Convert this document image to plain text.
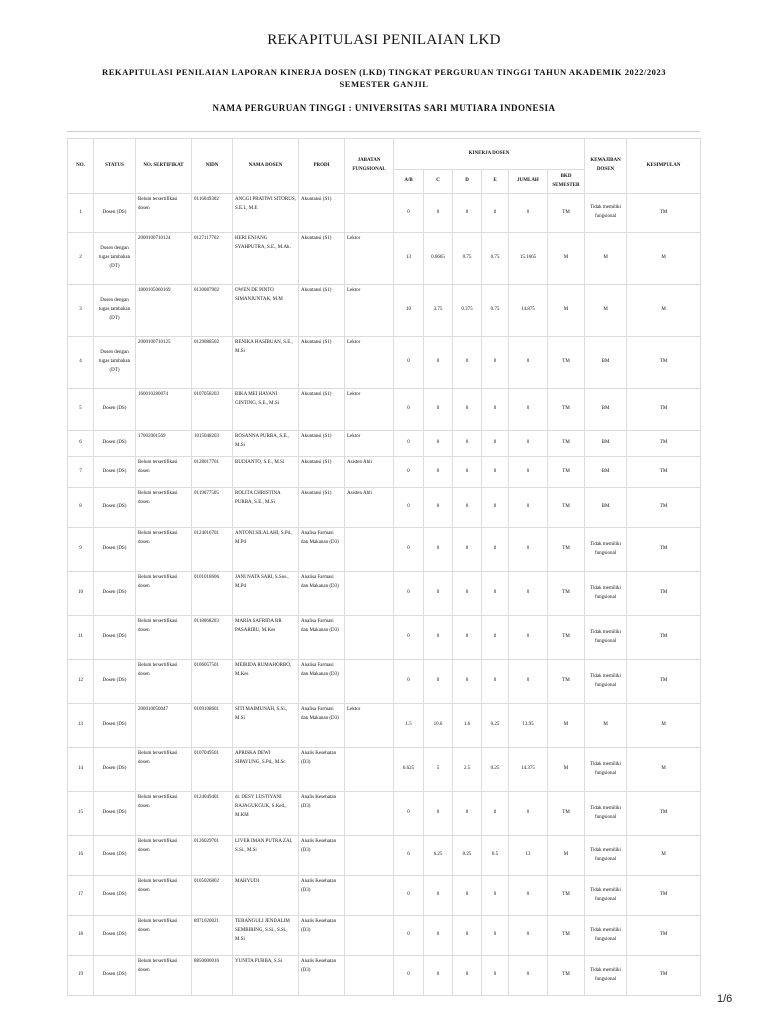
REKAPITULASI PENILAIAN LKD
REKAPITULASI PENILAIAN LAPORAN KINERJA DOSEN (LKD) TINGKAT PERGURUAN TINGGI TAHUN AKADEMIK 2022/2023
SEMESTER GANJIL
NAMA PERGURUAN TINGGI : UNIVERSITAS SARI MUTIARA INDONESIA
NO.	STATUS	NO. SERTIFIKAT	NIDN	NAMA DOSEN	PRODI	JABATAN FUNGSIONAL	KINERJA DOSEN						KEWAJIBAN DOSEN	KESIMPULAN
							A/B	C	D	E	JUMLAH	BKD SEMESTER		
1	Dosen (DS)	Belum tersertifikasi dosen	0116049302	ANGGI PRATIWI SITORUS, S.E.I., M.E	Akuntansi (S1)		0	0	0	0	0	TM	Tidak memiliki fungsional	TM
2	Dosen dengan tugas tambahan (DT)	20001007101​24	0127117702	HERI ENJANG SYAHPUTRA, S.E., M.Ak.	Akuntansi (S1)	Lektor	13	0.6665	0.75	0.75	15.1665	M	M	M
3	Dosen dengan tugas tambahan (DT)	18001050601​69	0130087902	OWEN DE PINTO SIMANJUNTAK, M.M	Akuntansi (S1)	Lektor	10	3.75	0.375	0.75	14.875	M	M	M
4	Dosen dengan tugas tambahan (DT)	20001007101​25	0129088502	RENIKA HASIBUAN, S.E., M.Si	Akuntansi (S1)	Lektor	0	0	0	0	0	TM	BM	TM
5	Dosen (DS)	16001028007​4	0107058203	RIKA MEI HAYANI GINTING, S.E., M.Si	Akuntansi (S1)	Lektor	0	0	0	0	0	TM	BM	TM
6	Dosen (DS)	17002001569	1015048203	ROSANNA PURBA, S.E., M.Si	Akuntansi (S1)	Lektor	0	0	0	0	0	TM	BM	TM
7	Dosen (DS)	Belum tersertifikasi dosen	0128017701	BUDIANTO, S.E., M.Si	Akuntansi (S1)	Asisten Ahli	0	0	0	0	0	TM	BM	TM
8	Dosen (DS)	Belum tersertifikasi dosen	0119077505	ROLITA CHRISTINA PURBA, S.E., M.Si	Akuntansi (S1)	Asisten Ahli	0	0	0	0	0	TM	BM	TM
9	Dosen (DS)	Belum tersertifikasi dosen	0124016701	ANTONI SILALAHI, S.Pd., M.Pd	Analisa Farmasi dan Makanan (D3)		0	0	0	0	0	TM	Tidak memiliki fungsional	TM
10	Dosen (DS)	Belum tersertifikasi dosen	0101018606	JANI NATA SARI, S.Sos., M.Pd	Analisa Farmasi dan Makanan (D3)		0	0	0	0	0	TM	Tidak memiliki fungsional	TM
11	Dosen (DS)	Belum tersertifikasi dosen	0118068203	MARIA SAFRIDA BR PASARIBU, M.Kes	Analisa Farmasi dan Makanan (D3)		0	0	0	0	0	TM	Tidak memiliki fungsional	TM
12	Dosen (DS)	Belum tersertifikasi dosen	0106057501	MEIRIDA RUMAHORBO, M.Kes	Analisa Farmasi dan Makanan (D3)		0	0	0	0	0	TM	Tidak memiliki fungsional	TM
13	Dosen (DS)	20001005004​7	0109108601	SITI MAIMUNAH, S.Si., M.Si	Analisa Farmasi dan Makanan (D3)	Lektor	1.5	10.6	1.6	0.25	13.95	M	M	M
14	Dosen (DS)	Belum tersertifikasi dosen	0107049501	APRISKA DEWI SIPAYUNG, S.Pd., M.Sc	Analis Kesehatan (D3)		6.625	5	2.5	0.25	14.375	M	Tidak memiliki fungsional	M
15	Dosen (DS)	Belum tersertifikasi dosen	0124049401	dr. DESY LUSTIYANI RAJAGUKGUK, S.Ked., M.KM	Analis Kesehatan (D3)		0	0	0	0	0	TM	Tidak memiliki fungsional	TM
16	Dosen (DS)	Belum tersertifikasi dosen	0126029701	LIVER IMAN PUTRA ZAI, S.Si., M.Si	Analis Kesehatan (D3)		6	6.25	0.25	0.5	13	M	Tidak memiliki fungsional	M
17	Dosen (DS)	Belum tersertifikasi dosen	0105026802	MAHYUDI	Analis Kesehatan (D3)		0	0	0	0	0	TM	Tidak memiliki fungsional	TM
18	Dosen (DS)	Belum tersertifikasi dosen	8971020021	TERANGULI JENDALIM SEMBIRING, S.Si., S.Si., M.Si	Analis Kesehatan (D3)		0	0	0	0	0	TM	Tidak memiliki fungsional	TM
19	Dosen (DS)	Belum tersertifikasi dosen	8850000016	YUNITA PURBA, S.Si	Analis Kesehatan (D3)		0	0	0	0	0	TM	Tidak memiliki fungsional	TM
1/6
